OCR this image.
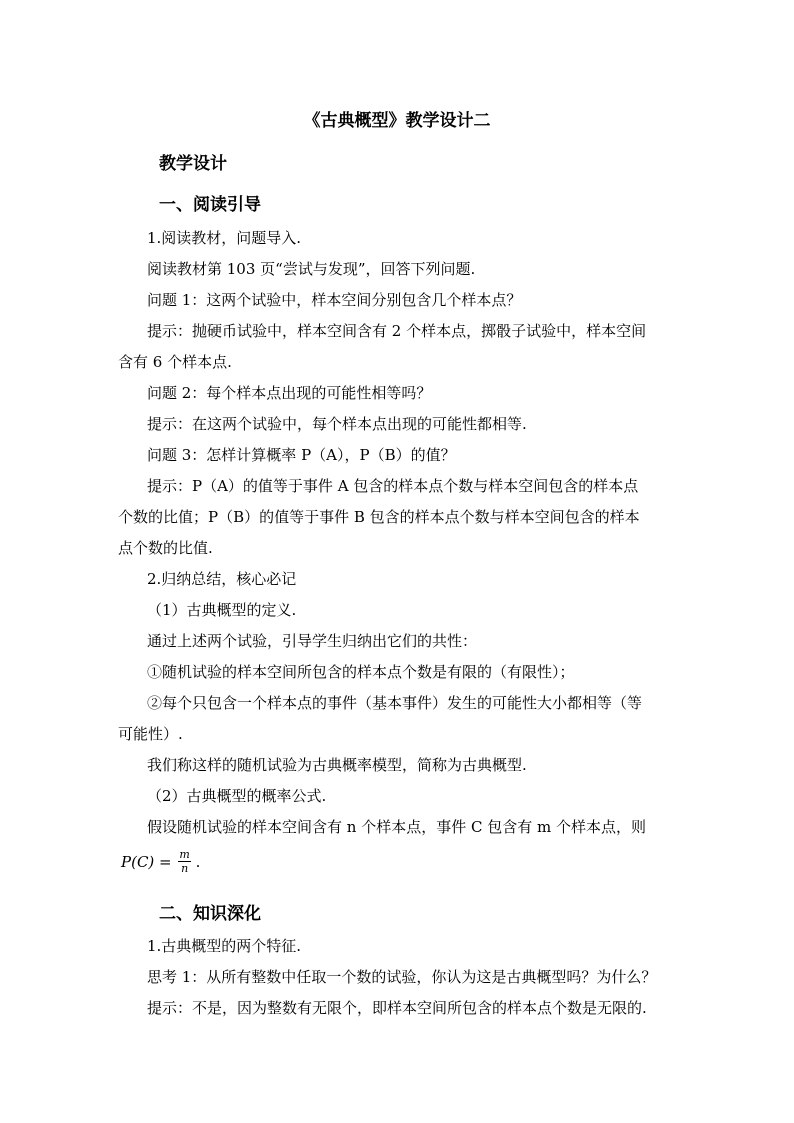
《古典概型》教学设计二
教学设计
一、阅读引导
1.阅读教材，问题导入.
阅读教材第 103 页“尝试与发现”，回答下列问题.
问题 1：这两个试验中，样本空间分别包含几个样本点？
提示：抛硬币试验中，样本空间含有 2 个样本点，掷骰子试验中，样本空间
含有 6 个样本点.
问题 2：每个样本点出现的可能性相等吗？
提示：在这两个试验中，每个样本点出现的可能性都相等.
问题 3：怎样计算概率 P（A），P（B）的值？
提示：P（A）的值等于事件 A 包含的样本点个数与样本空间包含的样本点
个数的比值；P（B）的值等于事件 B 包含的样本点个数与样本空间包含的样本
点个数的比值.
2.归纳总结，核心必记
（1）古典概型的定义.
通过上述两个试验，引导学生归纳出它们的共性：
①随机试验的样本空间所包含的样本点个数是有限的（有限性）；
②每个只包含一个样本点的事件（基本事件）发生的可能性大小都相等（等
可能性）.
我们称这样的随机试验为古典概率模型，简称为古典概型.
（2）古典概型的概率公式.
假设随机试验的样本空间含有 n 个样本点，事件 C 包含有 m 个样本点，则
$P(C) = \frac{m}{n}$ .
二、知识深化
1.古典概型的两个特征.
思考 1：从所有整数中任取一个数的试验，你认为这是古典概型吗？为什么？
提示：不是，因为整数有无限个，即样本空间所包含的样本点个数是无限的.
